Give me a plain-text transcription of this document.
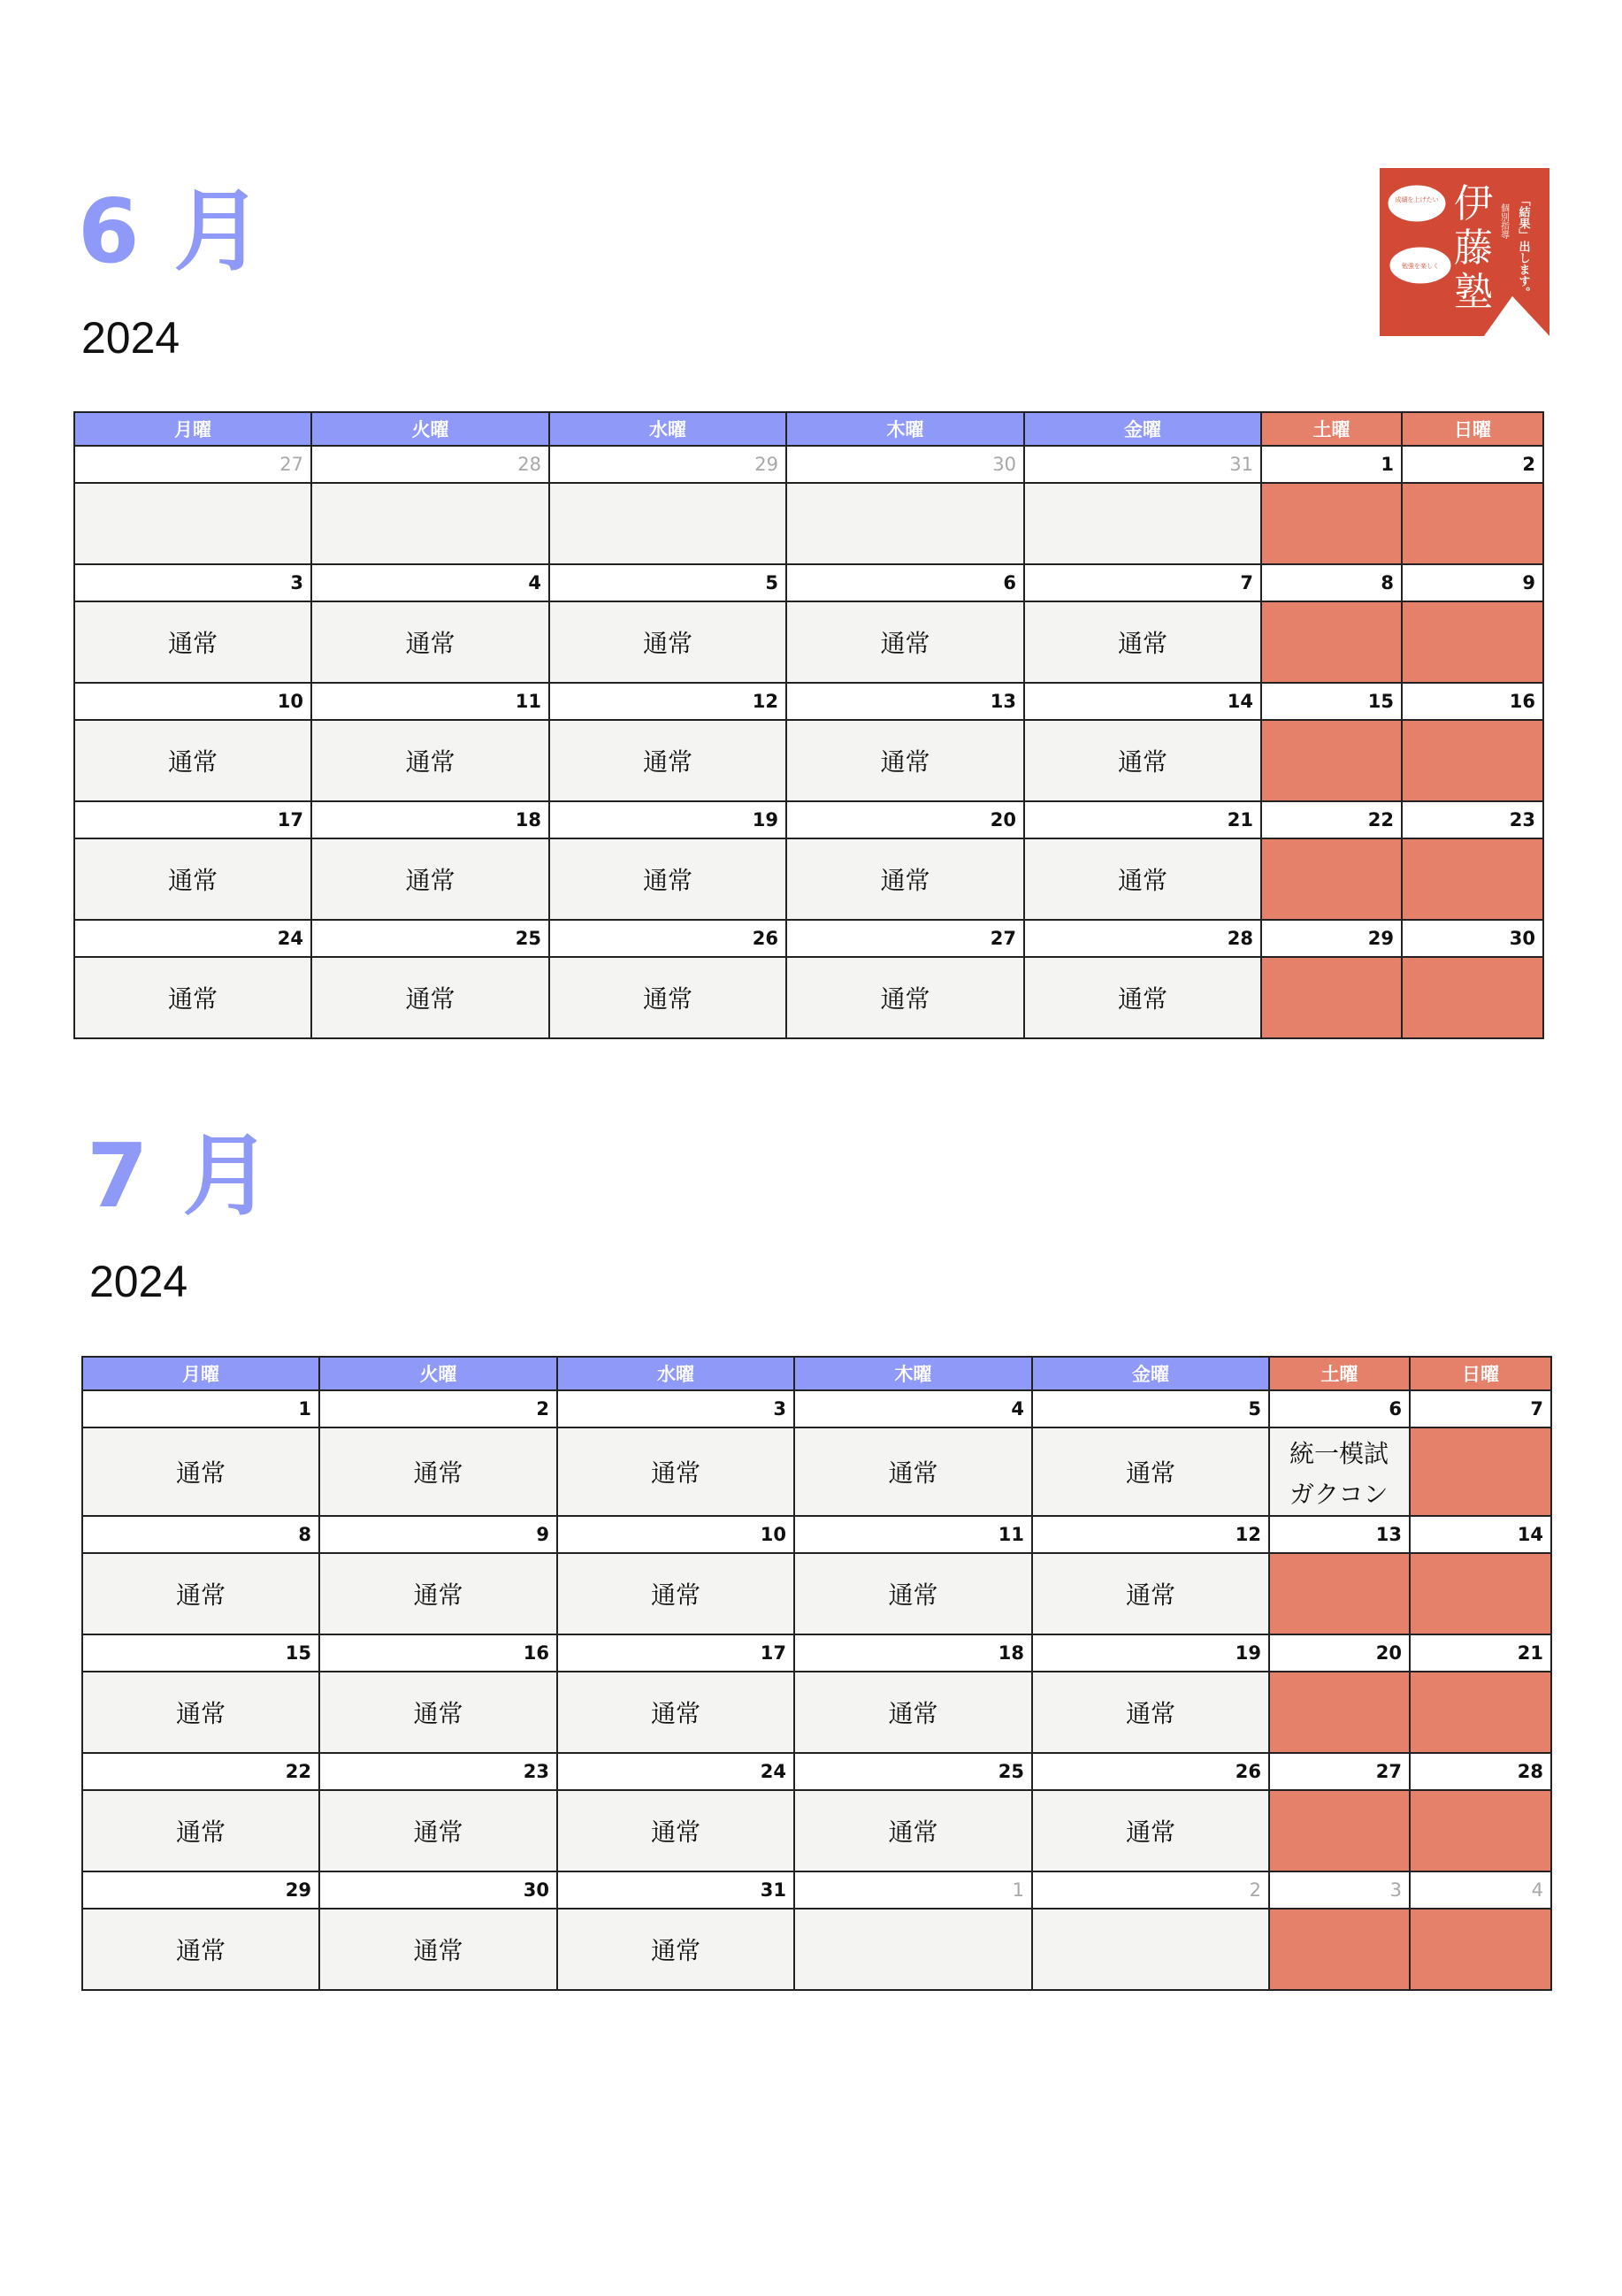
6 月
2024
成績を上げたい
勉強を楽しく
伊
藤
塾
個別指導 「結果」出します。
月曜	火曜	水曜	木曜	金曜	土曜	日曜
27	28	29	30	31	1	2

3	4	5	6	7	8	9
通常	通常	通常	通常	通常		
10	11	12	13	14	15	16
通常	通常	通常	通常	通常		
17	18	19	20	21	22	23
通常	通常	通常	通常	通常		
24	25	26	27	28	29	30
通常	通常	通常	通常	通常		
7 月
2024
月曜	火曜	水曜	木曜	金曜	土曜	日曜
1	2	3	4	5	6	7
通常	通常	通常	通常	通常	統一模試
ガクコン	
8	9	10	11	12	13	14
通常	通常	通常	通常	通常		
15	16	17	18	19	20	21
通常	通常	通常	通常	通常		
22	23	24	25	26	27	28
通常	通常	通常	通常	通常		
29	30	31	1	2	3	4
通常	通常	通常				
